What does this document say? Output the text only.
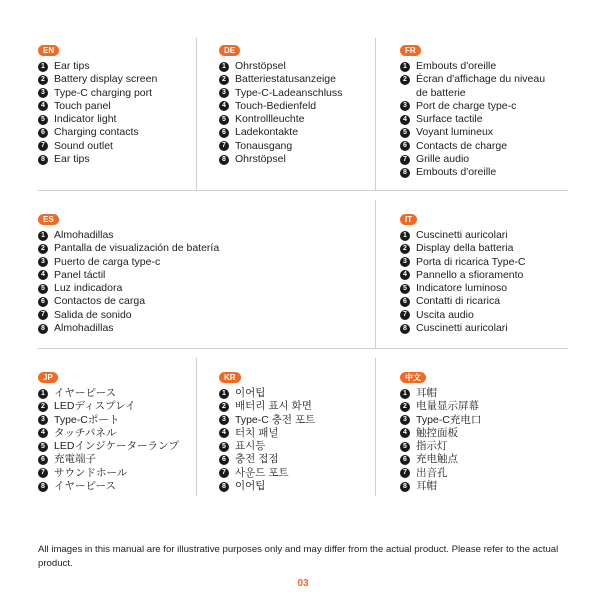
EN
1 Ear tips
2 Battery display screen
3 Type-C charging port
4 Touch panel
5 Indicator light
6 Charging contacts
7 Sound outlet
8 Ear tips
DE
1 Ohrstöpsel
2 Batteriestatusanzeige
3 Type-C-Ladeanschluss
4 Touch-Bedienfeld
5 Kontrollleuchte
6 Ladekontakte
7 Tonausgang
8 Ohrstöpsel
FR
1 Embouts d'oreille
2 Écran d'affichage du niveau de batterie
3 Port de charge type-c
4 Surface tactile
5 Voyant lumineux
6 Contacts de charge
7 Grille audio
8 Embouts d'oreille
ES
1 Almohadillas
2 Pantalla de visualización de batería
3 Puerto de carga type-c
4 Panel táctil
5 Luz indicadora
6 Contactos de carga
7 Salida de sonido
8 Almohadillas
IT
1 Cuscinetti auricolari
2 Display della batteria
3 Porta di ricarica Type-C
4 Pannello a sfioramento
5 Indicatore luminoso
6 Contatti di ricarica
7 Uscita audio
8 Cuscinetti auricolari
JP
1 イヤーピース
2 LEDディスプレイ
3 Type-Cポート
4 タッチパネル
5 LEDインジケーターランプ
6 充電端子
7 サウンドホール
8 イヤーピース
KR
1 이어팁
2 배터리 표시 화면
3 Type-C 충전 포트
4 터치 패널
5 표시등
6 충전 접점
7 사운드 포트
8 이어팁
中文
1 耳帽
2 电量显示屏幕
3 Type-C充电口
4 触控面板
5 指示灯
6 充电触点
7 出音孔
8 耳帽
All images in this manual are for illustrative purposes only and may differ from the actual product. Please refer to the actual product.
03
